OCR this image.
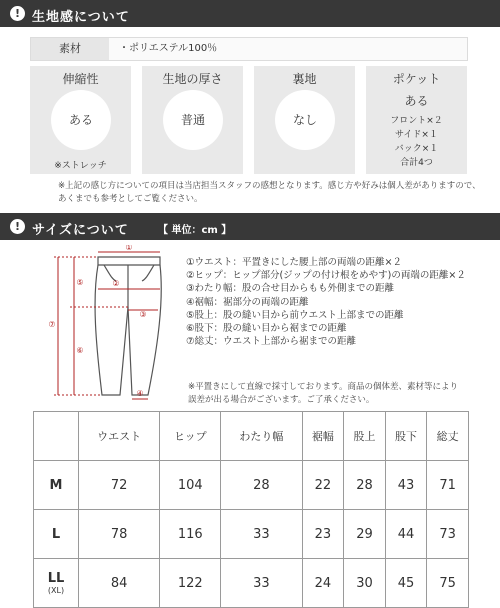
! 生地感について
素材	・ポリエステル100％
伸縮性
ある
※ストレッチ
生地の厚さ
普通
裏地
なし
ポケット
ある
フロント×２
サイド×１
バック×１
合計4つ
※上記の感じ方についての項目は当店担当スタッフの感想となります。感じ方や好みは個人差がありますので、
あくまでも参考としてご覧ください。
! サイズについて	【 単位：cm 】
①
②
③
④
⑤
⑥
⑦
①ウエスト：平置きにした腰上部の両端の距離×２
②ヒップ：ヒップ部分(ジップの付け根をめやす)の両端の距離×２
③わたり幅：股の合せ目からもも外側までの距離
④裾幅：裾部分の両端の距離
⑤股上：股の縫い目から前ウエスト上部までの距離
⑥股下：股の縫い目から裾までの距離
⑦総丈：ウエスト上部から裾までの距離
※平置きにして直線で採寸しております。商品の個体差、素材等により
誤差が出る場合がございます。ご了承ください。
	ウエスト	ヒップ	わたり幅	裾幅	股上	股下	総丈
M	72	104	28	22	28	43	71
L	78	116	33	23	29	44	73
LL
(XL)	84	122	33	24	30	45	75
